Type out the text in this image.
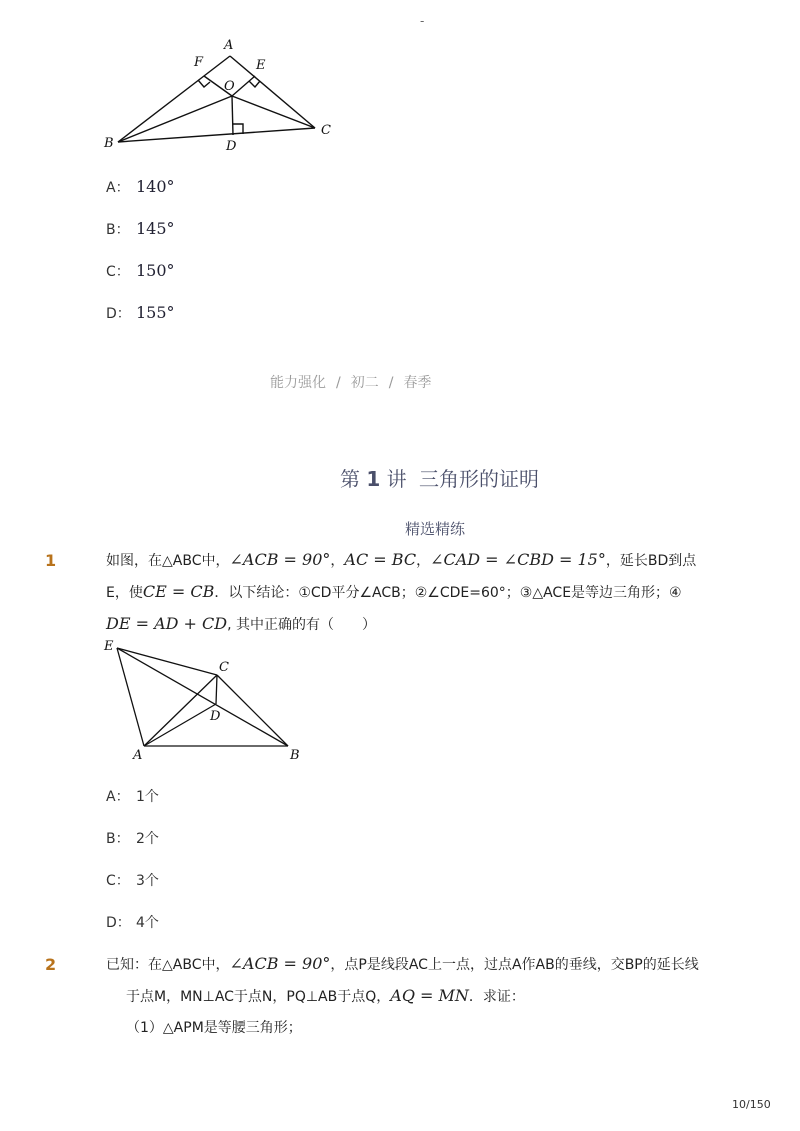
-
A
F	E
O
B
C
D
A： 140°
B： 145°
C： 150°
D： 155°
能力强化 / 初二 / 春季
第 1 讲 三角形的证明
精选精练
1	如图，在△ABC中，∠ACB = 90°，AC = BC，∠CAD = ∠CBD = 15°，延长BD到点
E，使CE = CB．以下结论：①CD平分∠ACB；②∠CDE=60°；③△ACE是等边三角形；④
DE = AD + CD, 其中正确的有（　　）
E
C
D
A	B
A： 1个
B： 2个
C： 3个
D： 4个
2	已知：在△ABC中，∠ACB = 90°，点P是线段AC上一点，过点A作AB的垂线，交BP的延长线
于点M，MN⊥AC于点N，PQ⊥AB于点Q，AQ = MN．求证：
（1）△APM是等腰三角形；
10/150
